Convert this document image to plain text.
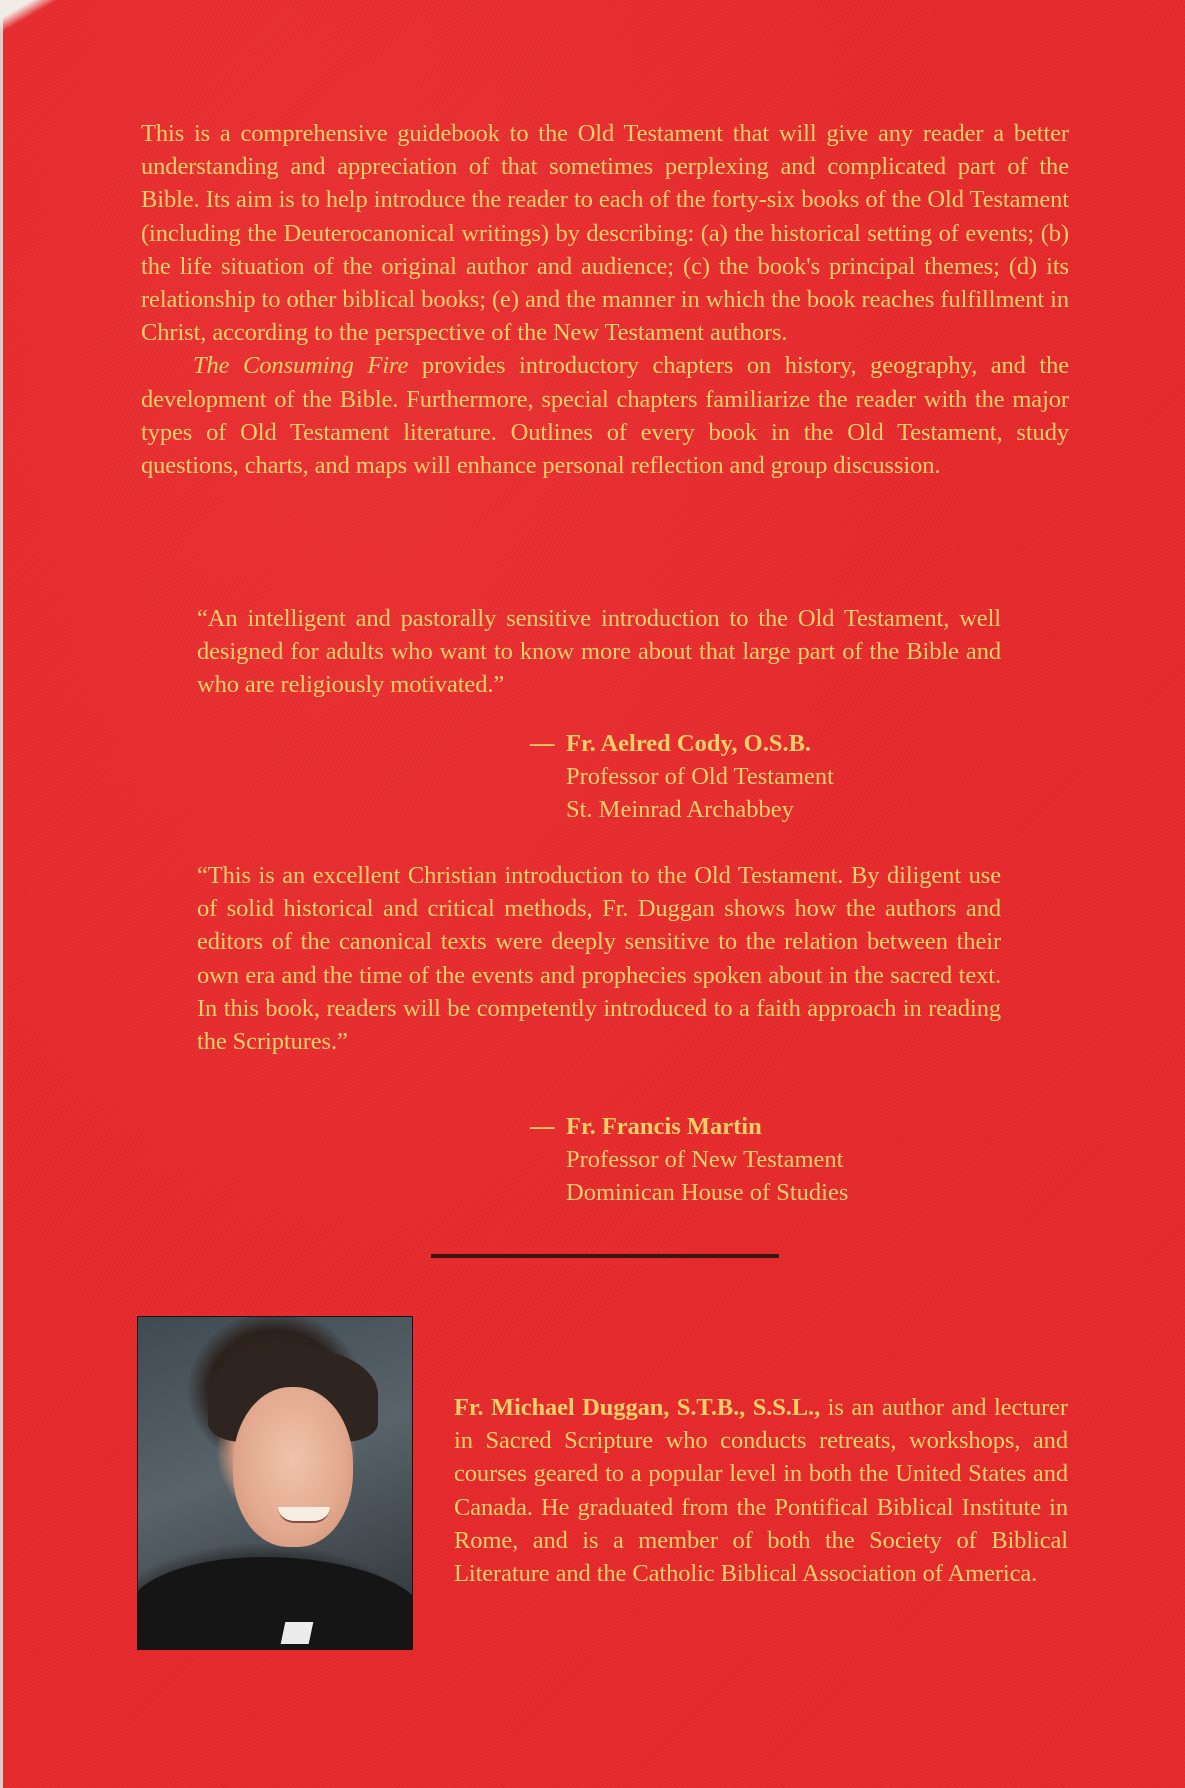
This is a comprehensive guidebook to the Old Testament that will give any reader a better understanding and appreciation of that sometimes perplexing and complicated part of the Bible. Its aim is to help introduce the reader to each of the forty-six books of the Old Testament (including the Deuterocanonical writings) by describing: (a) the historical setting of events; (b) the life situation of the original author and audience; (c) the book's principal themes; (d) its relationship to other biblical books; (e) and the manner in which the book reaches fulfillment in Christ, according to the perspective of the New Testament authors.

The Consuming Fire provides introductory chapters on history, geography, and the development of the Bible. Furthermore, special chapters familiarize the reader with the major types of Old Testament literature. Outlines of every book in the Old Testament, study questions, charts, and maps will enhance personal reflection and group discussion.

“An intelligent and pastorally sensitive introduction to the Old Testament, well designed for adults who want to know more about that large part of the Bible and who are religiously motivated.”

— Fr. Aelred Cody, O.S.B.
Professor of Old Testament
St. Meinrad Archabbey

“This is an excellent Christian introduction to the Old Testament. By diligent use of solid historical and critical methods, Fr. Duggan shows how the authors and editors of the canonical texts were deeply sensitive to the relation between their own era and the time of the events and prophecies spoken about in the sacred text. In this book, readers will be competently introduced to a faith approach in reading the Scriptures.”

— Fr. Francis Martin
Professor of New Testament
Dominican House of Studies

Fr. Michael Duggan, S.T.B., S.S.L., is an author and lecturer in Sacred Scripture who conducts retreats, workshops, and courses geared to a popular level in both the United States and Canada. He graduated from the Pontifical Biblical Institute in Rome, and is a member of both the Society of Biblical Literature and the Catholic Biblical Association of America.
